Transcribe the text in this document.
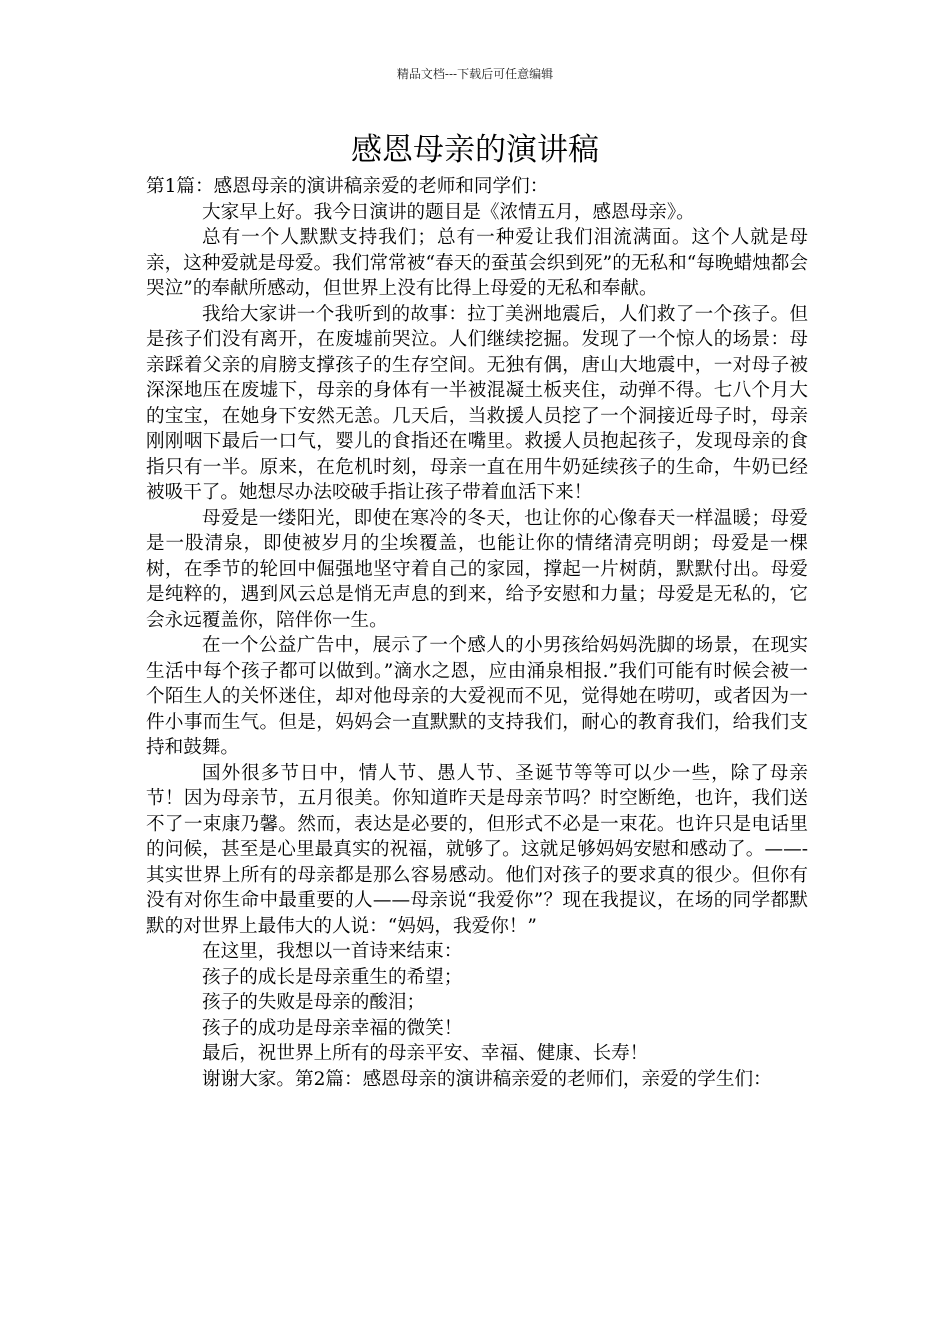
精品文档---下载后可任意编辑
感恩母亲的演讲稿

第1篇：感恩母亲的演讲稿亲爱的老师和同学们：

大家早上好。我今日演讲的题目是《浓情五月，感恩母亲》。

总有一个人默默支持我们；总有一种爱让我们泪流满面。这个人就是母亲，这种爱就是母爱。我们常常被“春天的蚕茧会织到死”的无私和“每晚蜡烛都会哭泣”的奉献所感动，但世界上没有比得上母爱的无私和奉献。

我给大家讲一个我听到的故事：拉丁美洲地震后，人们救了一个孩子。但是孩子们没有离开，在废墟前哭泣。人们继续挖掘。发现了一个惊人的场景：母亲踩着父亲的肩膀支撑孩子的生存空间。无独有偶，唐山大地震中，一对母子被深深地压在废墟下，母亲的身体有一半被混凝土板夹住，动弹不得。七八个月大的宝宝，在她身下安然无恙。几天后，当救援人员挖了一个洞接近母子时，母亲刚刚咽下最后一口气，婴儿的食指还在嘴里。救援人员抱起孩子，发现母亲的食指只有一半。原来，在危机时刻，母亲一直在用牛奶延续孩子的生命，牛奶已经被吸干了。她想尽办法咬破手指让孩子带着血活下来！

母爱是一缕阳光，即使在寒冷的冬天，也让你的心像春天一样温暖；母爱是一股清泉，即使被岁月的尘埃覆盖，也能让你的情绪清亮明朗；母爱是一棵树，在季节的轮回中倔强地坚守着自己的家园，撑起一片树荫，默默付出。母爱是纯粹的，遇到风云总是悄无声息的到来，给予安慰和力量；母爱是无私的，它会永远覆盖你，陪伴你一生。

在一个公益广告中，展示了一个感人的小男孩给妈妈洗脚的场景，在现实生活中每个孩子都可以做到。”滴水之恩，应由涌泉相报.”我们可能有时候会被一个陌生人的关怀迷住，却对他母亲的大爱视而不见，觉得她在唠叨，或者因为一件小事而生气。但是，妈妈会一直默默的支持我们，耐心的教育我们，给我们支持和鼓舞。

国外很多节日中，情人节、愚人节、圣诞节等等可以少一些，除了母亲节！因为母亲节，五月很美。你知道昨天是母亲节吗？时空断绝，也许，我们送不了一束康乃馨。然而，表达是必要的，但形式不必是一束花。也许只是电话里的问候，甚至是心里最真实的祝福，就够了。这就足够妈妈安慰和感动了。——-其实世界上所有的母亲都是那么容易感动。他们对孩子的要求真的很少。但你有没有对你生命中最重要的人——母亲说“我爱你”？现在我提议，在场的同学都默默的对世界上最伟大的人说：“妈妈，我爱你！”

在这里，我想以一首诗来结束：

孩子的成长是母亲重生的希望；

孩子的失败是母亲的酸泪；

孩子的成功是母亲幸福的微笑！

最后，祝世界上所有的母亲平安、幸福、健康、长寿！

谢谢大家。第2篇：感恩母亲的演讲稿亲爱的老师们，亲爱的学生们：
